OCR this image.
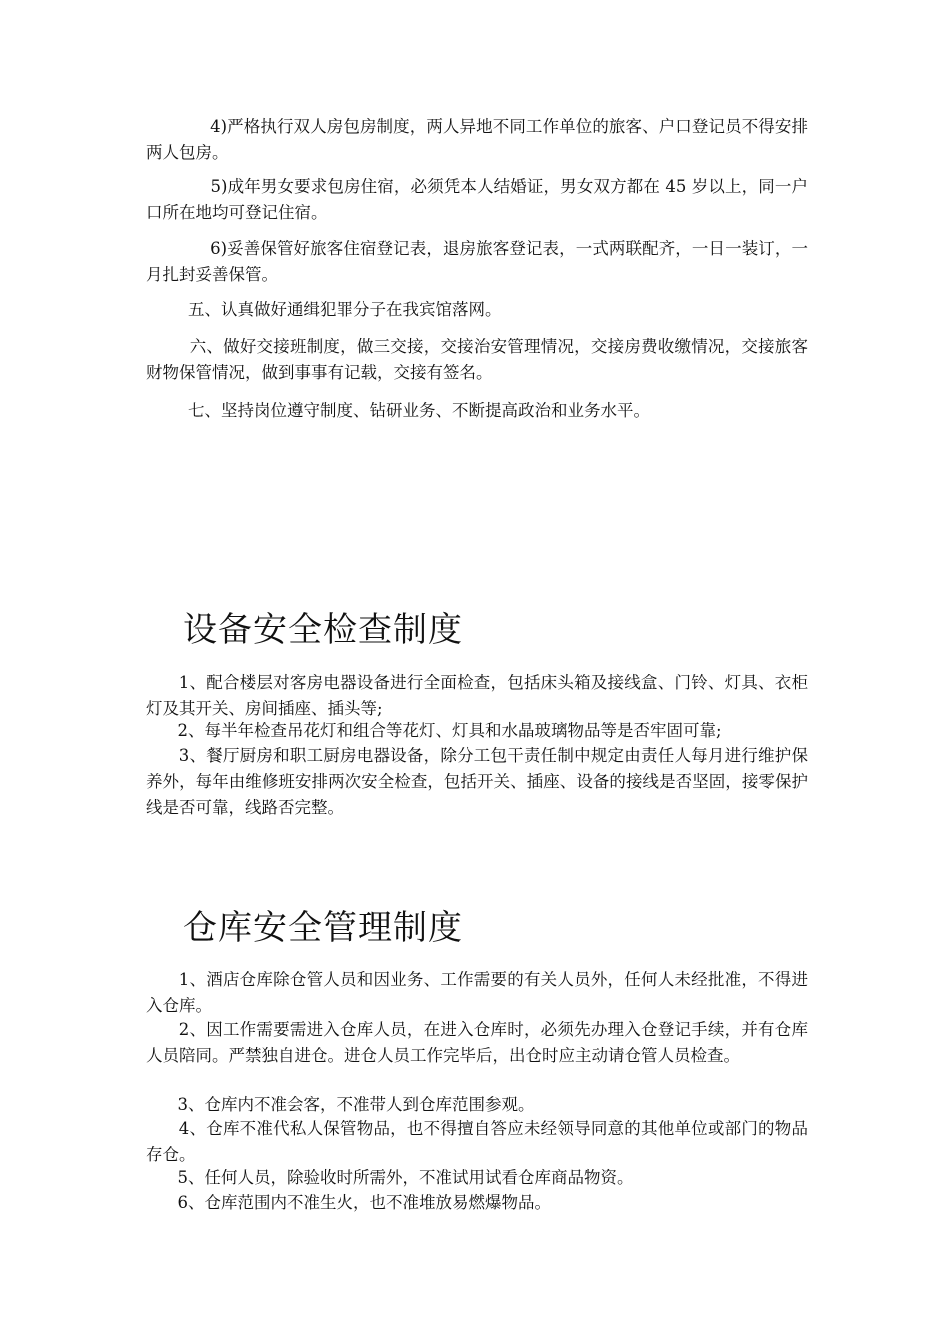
4)严格执行双人房包房制度，两人异地不同工作单位的旅客、户口登记员不得安排两人包房。

5)成年男女要求包房住宿，必须凭本人结婚证，男女双方都在 45 岁以上，同一户口所在地均可登记住宿。

6)妥善保管好旅客住宿登记表，退房旅客登记表，一式两联配齐，一日一装订，一月扎封妥善保管。

五、认真做好通缉犯罪分子在我宾馆落网。

六、做好交接班制度，做三交接，交接治安管理情况，交接房费收缴情况，交接旅客财物保管情况，做到事事有记载，交接有签名。

七、坚持岗位遵守制度、钻研业务、不断提高政治和业务水平。

设备安全检查制度

1、配合楼层对客房电器设备进行全面检查，包括床头箱及接线盒、门铃、灯具、衣柜灯及其开关、房间插座、插头等;

2、每半年检查吊花灯和组合等花灯、灯具和水晶玻璃物品等是否牢固可靠;

3、餐厅厨房和职工厨房电器设备，除分工包干责任制中规定由责任人每月进行维护保养外，每年由维修班安排两次安全检查，包括开关、插座、设备的接线是否坚固，接零保护线是否可靠，线路否完整。

仓库安全管理制度

1、酒店仓库除仓管人员和因业务、工作需要的有关人员外，任何人未经批准，不得进入仓库。

2、因工作需要需进入仓库人员，在进入仓库时，必须先办理入仓登记手续，并有仓库人员陪同。严禁独自进仓。进仓人员工作完毕后，出仓时应主动请仓管人员检查。

3、仓库内不准会客，不准带人到仓库范围参观。

4、仓库不准代私人保管物品，也不得擅自答应未经领导同意的其他单位或部门的物品存仓。

5、任何人员，除验收时所需外，不准试用试看仓库商品物资。

6、仓库范围内不准生火，也不准堆放易燃爆物品。
